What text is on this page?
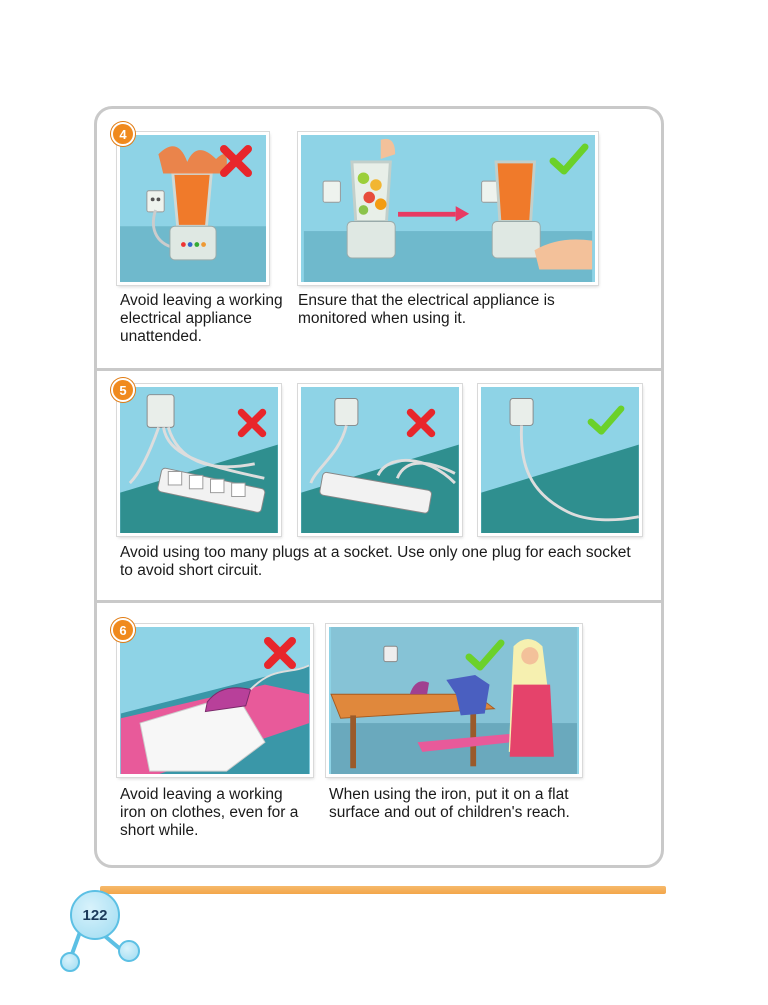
4
Avoid leaving a working electrical appliance unattended.
Ensure that the electrical appliance is monitored when using it.
5
Avoid using too many plugs at a socket. Use only one plug for each socket to avoid short circuit.
6
Avoid leaving a working iron on clothes, even for a short while.
When using the iron, put it on a flat surface and out of children's reach.
122
